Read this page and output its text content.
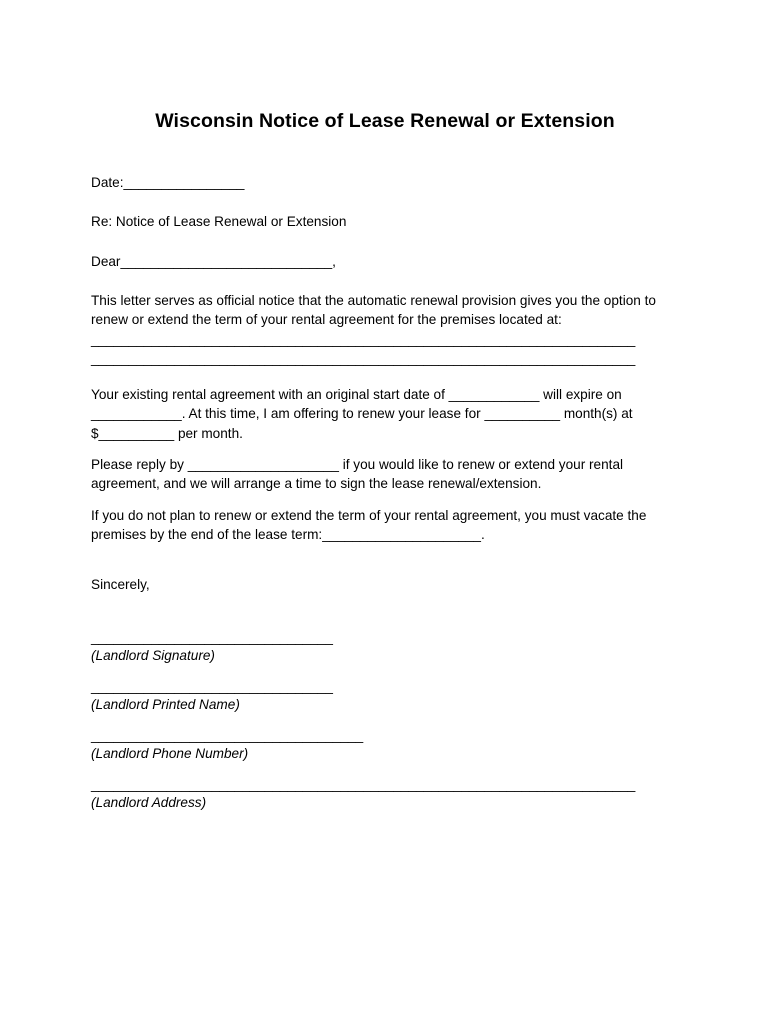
Wisconsin Notice of Lease Renewal or Extension
Date:________________
Re: Notice of Lease Renewal or Extension
Dear____________________________,
This letter serves as official notice that the automatic renewal provision gives you the option to
renew or extend the term of your rental agreement for the premises located at:
________________________________________________________________________
________________________________________________________________________
Your existing rental agreement with an original start date of ____________ will expire on
____________. At this time, I am offering to renew your lease for __________ month(s) at
$__________ per month.
Please reply by ____________________ if you would like to renew or extend your rental
agreement, and we will arrange a time to sign the lease renewal/extension.
If you do not plan to renew or extend the term of your rental agreement, you must vacate the
premises by the end of the lease term:_____________________.
Sincerely,
________________________________
(Landlord Signature)
________________________________
(Landlord Printed Name)
____________________________________
(Landlord Phone Number)
________________________________________________________________________
(Landlord Address)
